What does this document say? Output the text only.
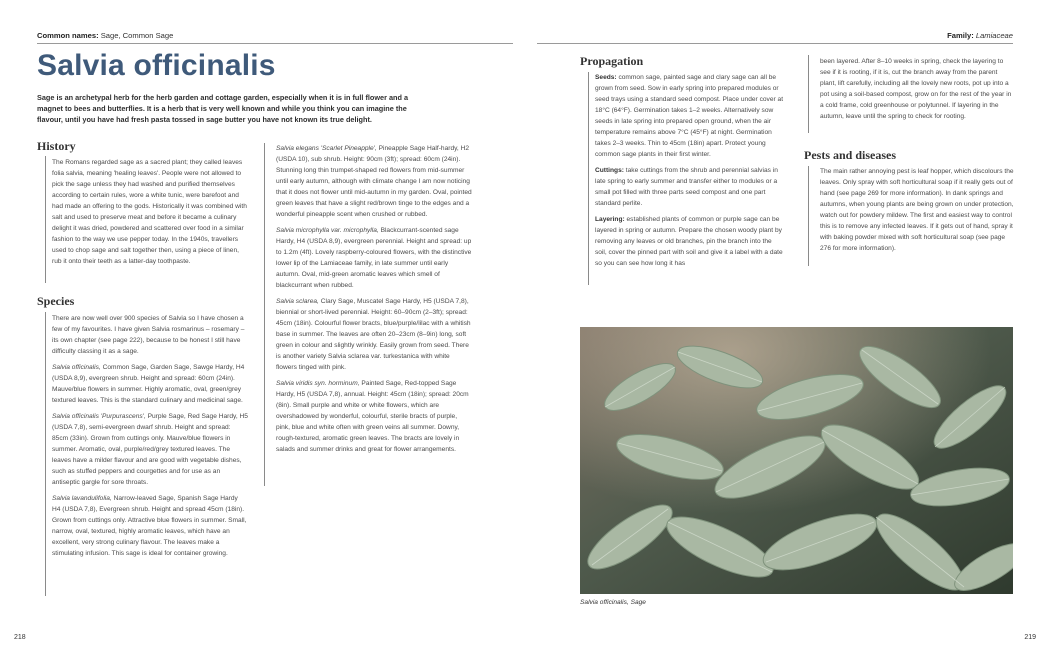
Common names: Sage, Common Sage	Family: Lamiaceae
Salvia officinalis
Sage is an archetypal herb for the herb garden and cottage garden, especially when it is in full flower and a magnet to bees and butterflies. It is a herb that is very well known and while you think you can imagine the flavour, until you have had fresh pasta tossed in sage butter you have not known its true delight.
History
The Romans regarded sage as a sacred plant; they called leaves folia salvia, meaning 'healing leaves'. People were not allowed to pick the sage unless they had washed and purified themselves according to certain rules, wore a white tunic, were barefoot and had made an offering to the gods. Historically it was combined with salt and used to preserve meat and before it became a culinary delight it was dried, powdered and scattered over food in a similar fashion to the way we use pepper today. In the 1940s, travellers used to chop sage and salt together then, using a piece of linen, rub it onto their teeth as a latter-day toothpaste.
Species

There are now well over 900 species of Salvia so I have chosen a few of my favourites. I have given Salvia rosmarinus – rosemary – its own chapter (see page 222), because to be honest I still have difficulty classing it as a sage.

Salvia officinalis, Common Sage, Garden Sage, Sawge Hardy, H4 (USDA 8,9), evergreen shrub. Height and spread: 60cm (24in). Mauve/blue flowers in summer. Highly aromatic, oval, green/grey textured leaves. This is the standard culinary and medicinal sage.

Salvia officinalis 'Purpurascens', Purple Sage, Red Sage Hardy, H5 (USDA 7,8), semi-evergreen dwarf shrub. Height and spread: 85cm (33in). Grown from cuttings only. Mauve/blue flowers in summer. Aromatic, oval, purple/red/grey textured leaves. The leaves have a milder flavour and are good with vegetable dishes, such as stuffed peppers and courgettes and for use as an antiseptic gargle for sore throats.

Salvia lavandulifolia, Narrow-leaved Sage, Spanish Sage Hardy H4 (USDA 7,8), Evergreen shrub. Height and spread 45cm (18in). Grown from cuttings only. Attractive blue flowers in summer. Small, narrow, oval, textured, highly aromatic leaves, which have an excellent, very strong culinary flavour. The leaves make a stimulating infusion. This sage is ideal for container growing.

Salvia elegans 'Scarlet Pineapple', Pineapple Sage Half-hardy, H2 (USDA 10), sub shrub. Height: 90cm (3ft); spread: 60cm (24in). Stunning long thin trumpet-shaped red flowers from mid-summer until early autumn, although with climate change I am now noticing that it does not flower until mid-autumn in my garden. Oval, pointed green leaves that have a slight red/brown tinge to the edges and a wonderful pineapple scent when crushed or rubbed.

Salvia microphylla var. microphylla, Blackcurrant-scented sage Hardy, H4 (USDA 8,9), evergreen perennial. Height and spread: up to 1.2m (4ft). Lovely raspberry-coloured flowers, with the distinctive lower lip of the Lamiaceae family, in late summer until early autumn. Oval, mid-green aromatic leaves which smell of blackcurrant when rubbed.

Salvia sclarea, Clary Sage, Muscatel Sage Hardy, H5 (USDA 7,8), biennial or short-lived perennial. Height: 60–90cm (2–3ft); spread: 45cm (18in). Colourful flower bracts, blue/purple/lilac with a whitish base in summer. The leaves are often 20–23cm (8–9in) long, soft green in colour and slightly wrinkly. Easily grown from seed. There is another variety Salvia sclarea var. turkestanica with white flowers tinged with pink.

Salvia viridis syn. horminum, Painted Sage, Red-topped Sage Hardy, H5 (USDA 7,8), annual. Height: 45cm (18in); spread: 20cm (8in). Small purple and white or white flowers, which are overshadowed by wonderful, colourful, sterile bracts of purple, pink, blue and white often with green veins all summer. Downy, rough-textured, aromatic green leaves. The bracts are lovely in salads and summer drinks and great for flower arrangements.

Propagation

Seeds: common sage, painted sage and clary sage can all be grown from seed. Sow in early spring into prepared modules or seed trays using a standard seed compost. Place under cover at 18°C (64°F). Germination takes 1–2 weeks. Alternatively sow seeds in late spring into prepared open ground, when the air temperature remains above 7°C (45°F) at night. Germination takes 2–3 weeks. Thin to 45cm (18in) apart. Protect young common sage plants in their first winter.

Cuttings: take cuttings from the shrub and perennial salvias in late spring to early summer and transfer either to modules or a small pot filled with three parts seed compost and one part standard perlite.

Layering: established plants of common or purple sage can be layered in spring or autumn. Prepare the chosen woody plant by removing any leaves or old branches, pin the branch into the soil, cover the pinned part with soil and give it a label with a date so you can see how long it has

been layered. After 8–10 weeks in spring, check the layering to see if it is rooting, if it is, cut the branch away from the parent plant, lift carefully, including all the lovely new roots, pot up into a pot using a soil-based compost, grow on for the rest of the year in a cold frame, cold greenhouse or polytunnel. If layering in the autumn, leave until the spring to check for rooting.
Pests and diseases
The main rather annoying pest is leaf hopper, which discolours the leaves. Only spray with soft horticultural soap if it really gets out of hand (see page 269 for more information). In dank springs and autumns, when young plants are being grown on under protection, watch out for powdery mildew. The first and easiest way to control this is to remove any infected leaves. If it gets out of hand, spray it with baking powder mixed with soft horticultural soap (see page 276 for more information).
Salvia officinalis, Sage
218	219
